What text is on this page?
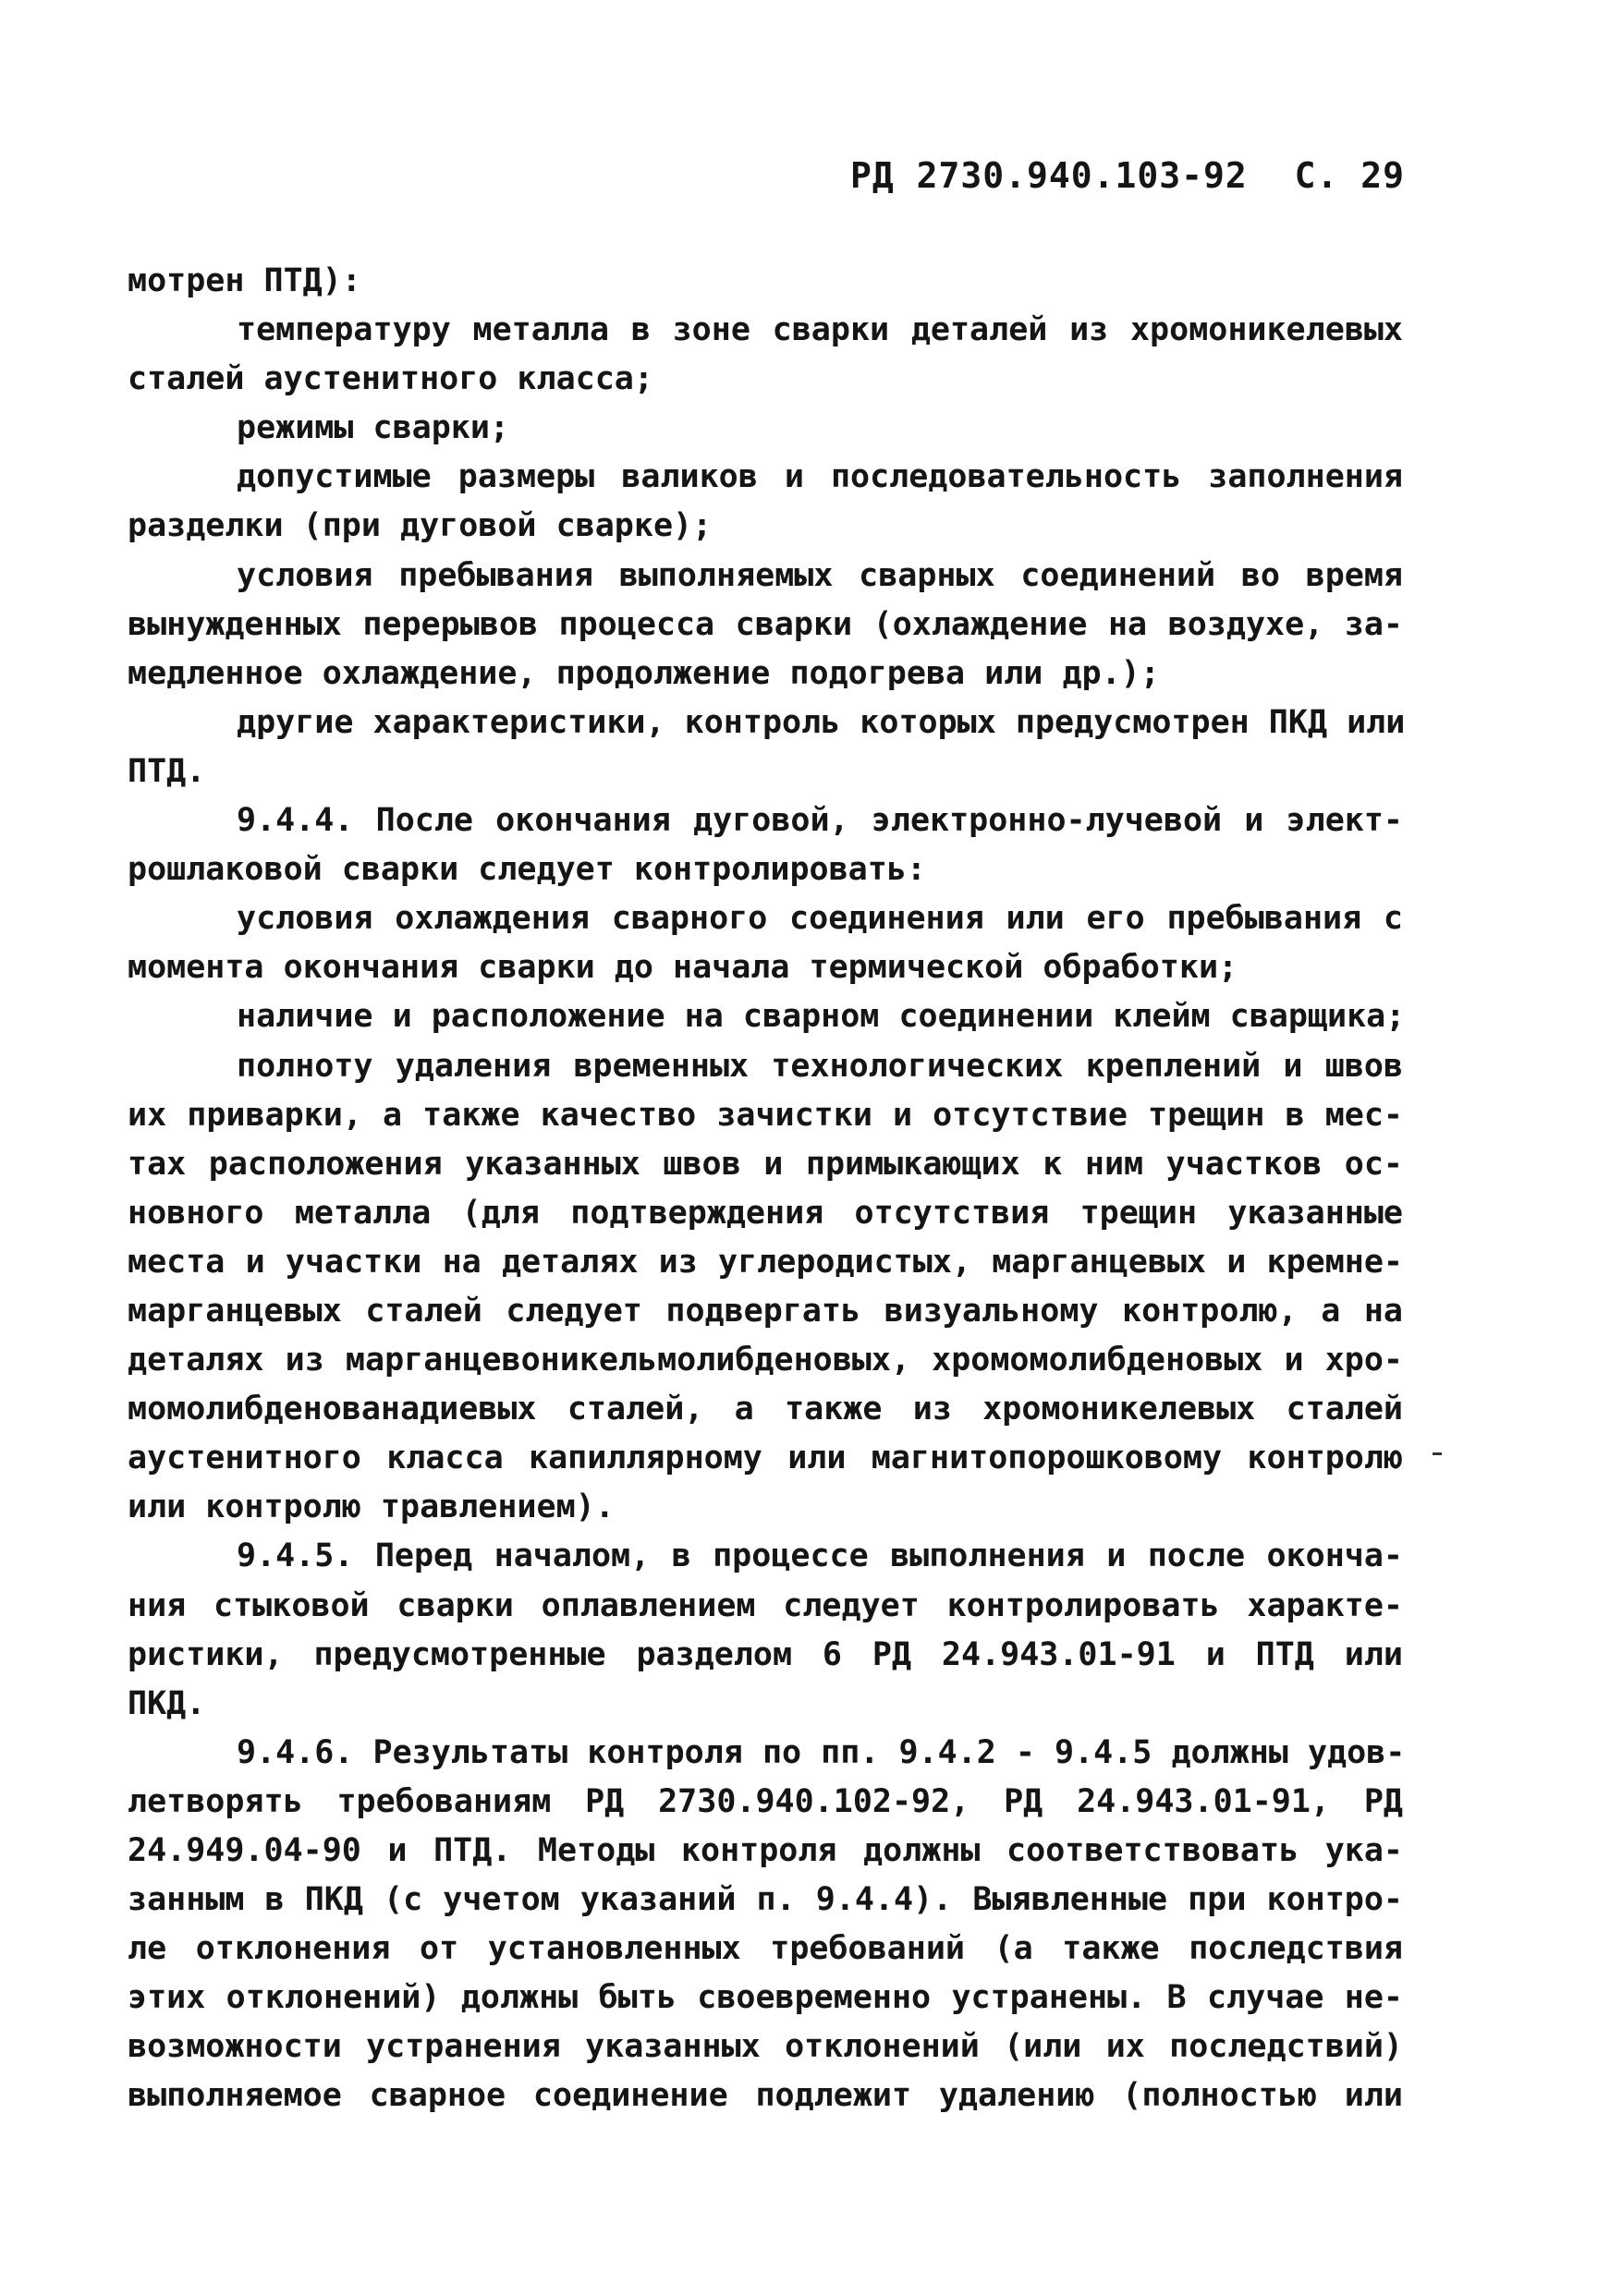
РД 2730.940.103-92 С. 29
мотрен ПТД):
температуру металла в зоне сварки деталей из хромоникелевых
сталей аустенитного класса;
режимы сварки;
допустимые размеры валиков и последовательность заполнения
разделки (при дуговой сварке);
условия пребывания выполняемых сварных соединений во время
вынужденных перерывов процесса сварки (охлаждение на воздухе, за-
медленное охлаждение, продолжение подогрева или др.);
другие характеристики, контроль которых предусмотрен ПКД или
ПТД.
9.4.4. После окончания дуговой, электронно-лучевой и элект-
рошлаковой сварки следует контролировать:
условия охлаждения сварного соединения или его пребывания с
момента окончания сварки до начала термической обработки;
наличие и расположение на сварном соединении клейм сварщика;
полноту удаления временных технологических креплений и швов
их приварки, а также качество зачистки и отсутствие трещин в мес-
тах расположения указанных швов и примыкающих к ним участков ос-
новного металла (для подтверждения отсутствия трещин указанные
места и участки на деталях из углеродистых, марганцевых и кремне-
марганцевых сталей следует подвергать визуальному контролю, а на
деталях из марганцевоникельмолибденовых, хромомолибденовых и хро-
момолибденованадиевых сталей, а также из хромоникелевых сталей
аустенитного класса капиллярному или магнитопорошковому контролю
или контролю травлением).
9.4.5. Перед началом, в процессе выполнения и после оконча-
ния стыковой сварки оплавлением следует контролировать характе-
ристики, предусмотренные разделом 6 РД 24.943.01-91 и ПТД или
ПКД.
9.4.6. Результаты контроля по пп. 9.4.2 - 9.4.5 должны удов-
летворять требованиям РД 2730.940.102-92, РД 24.943.01-91, РД
24.949.04-90 и ПТД. Методы контроля должны соответствовать ука-
занным в ПКД (с учетом указаний п. 9.4.4). Выявленные при контро-
ле отклонения от установленных требований (а также последствия
этих отклонений) должны быть своевременно устранены. В случае не-
возможности устранения указанных отклонений (или их последствий)
выполняемое сварное соединение подлежит удалению (полностью или
